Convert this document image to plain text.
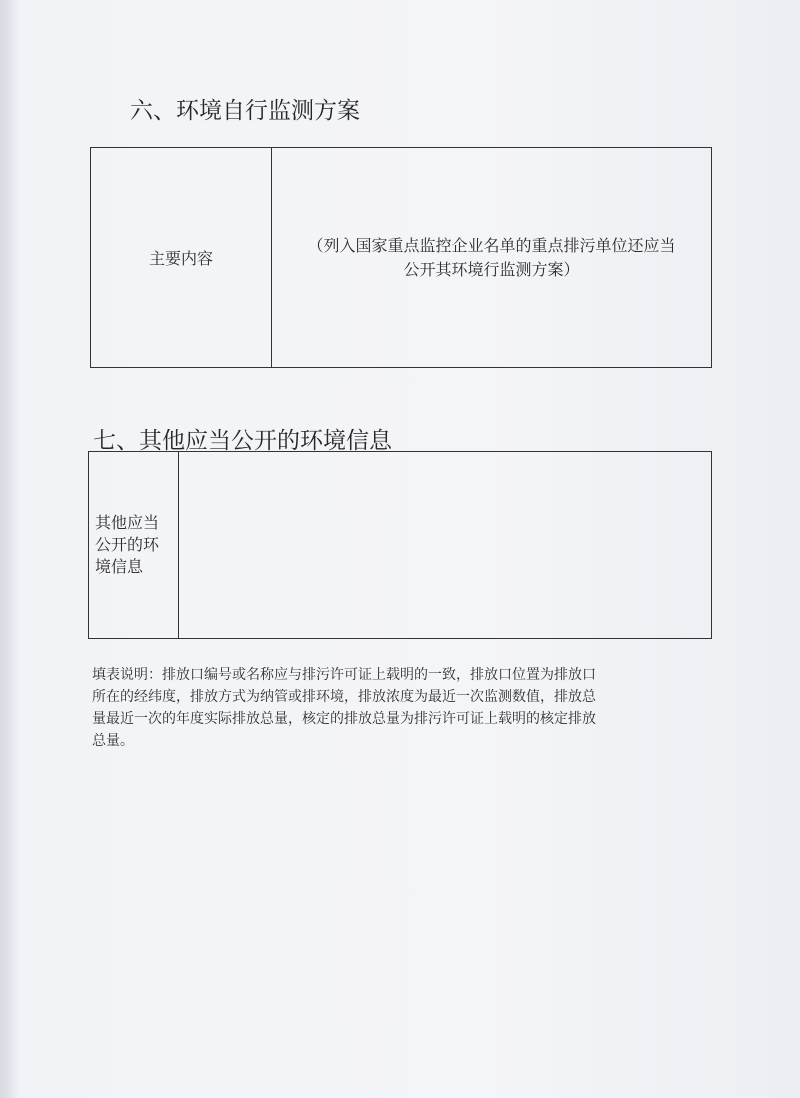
六、环境自行监测方案
主要内容
（列入国家重点监控企业名单的重点排污单位还应当
公开其环境行监测方案）
七、其他应当公开的环境信息
其他应当
公开的环
境信息
填表说明：排放口编号或名称应与排污许可证上载明的一致，排放口位置为排放口
所在的经纬度，排放方式为纳管或排环境，排放浓度为最近一次监测数值，排放总
量最近一次的年度实际排放总量，核定的排放总量为排污许可证上载明的核定排放
总量。
